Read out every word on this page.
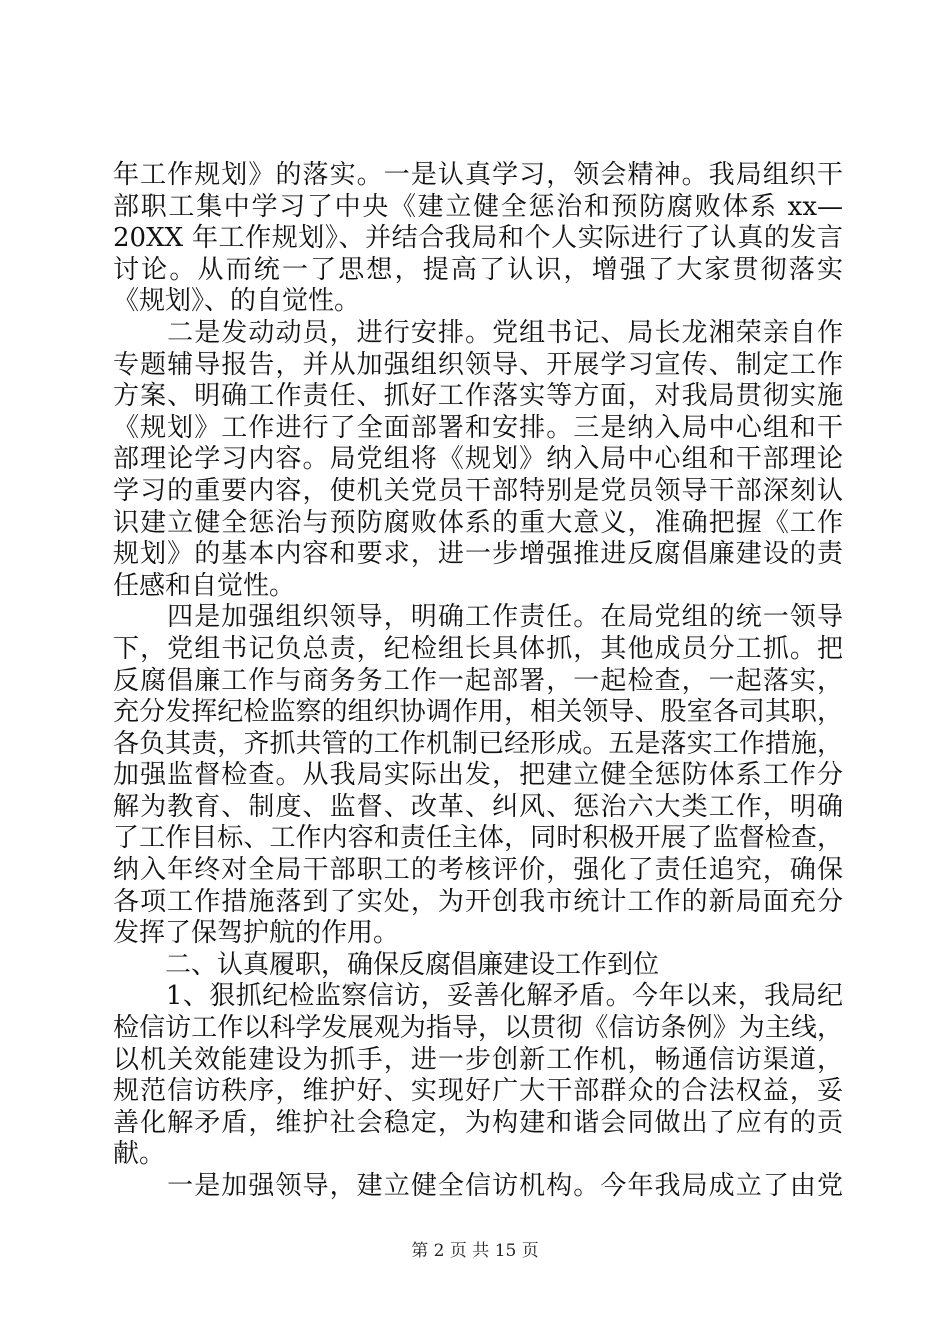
年工作规划》的落实。一是认真学习，领会精神。我局组织干
部职工集中学习了中央《建立健全惩治和预防腐败体系 xx—
20XX 年工作规划》、并结合我局和个人实际进行了认真的发言
讨论。从而统一了思想，提高了认识，增强了大家贯彻落实
《规划》、的自觉性。
　　二是发动动员，进行安排。党组书记、局长龙湘荣亲自作
专题辅导报告，并从加强组织领导、开展学习宣传、制定工作
方案、明确工作责任、抓好工作落实等方面，对我局贯彻实施
《规划》工作进行了全面部署和安排。三是纳入局中心组和干
部理论学习内容。局党组将《规划》纳入局中心组和干部理论
学习的重要内容，使机关党员干部特别是党员领导干部深刻认
识建立健全惩治与预防腐败体系的重大意义，准确把握《工作
规划》的基本内容和要求，进一步增强推进反腐倡廉建设的责
任感和自觉性。
　　四是加强组织领导，明确工作责任。在局党组的统一领导
下，党组书记负总责，纪检组长具体抓，其他成员分工抓。把
反腐倡廉工作与商务务工作一起部署，一起检查，一起落实，
充分发挥纪检监察的组织协调作用，相关领导、股室各司其职，
各负其责，齐抓共管的工作机制已经形成。五是落实工作措施，
加强监督检查。从我局实际出发，把建立健全惩防体系工作分
解为教育、制度、监督、改革、纠风、惩治六大类工作，明确
了工作目标、工作内容和责任主体，同时积极开展了监督检查，
纳入年终对全局干部职工的考核评价，强化了责任追究，确保
各项工作措施落到了实处，为开创我市统计工作的新局面充分
发挥了保驾护航的作用。
　　二、认真履职，确保反腐倡廉建设工作到位
　　1、狠抓纪检监察信访，妥善化解矛盾。今年以来，我局纪
检信访工作以科学发展观为指导，以贯彻《信访条例》为主线，
以机关效能建设为抓手，进一步创新工作机，畅通信访渠道，
规范信访秩序，维护好、实现好广大干部群众的合法权益，妥
善化解矛盾，维护社会稳定，为构建和谐会同做出了应有的贡
献。
　　一是加强领导，建立健全信访机构。今年我局成立了由党
第 2 页 共 15 页
